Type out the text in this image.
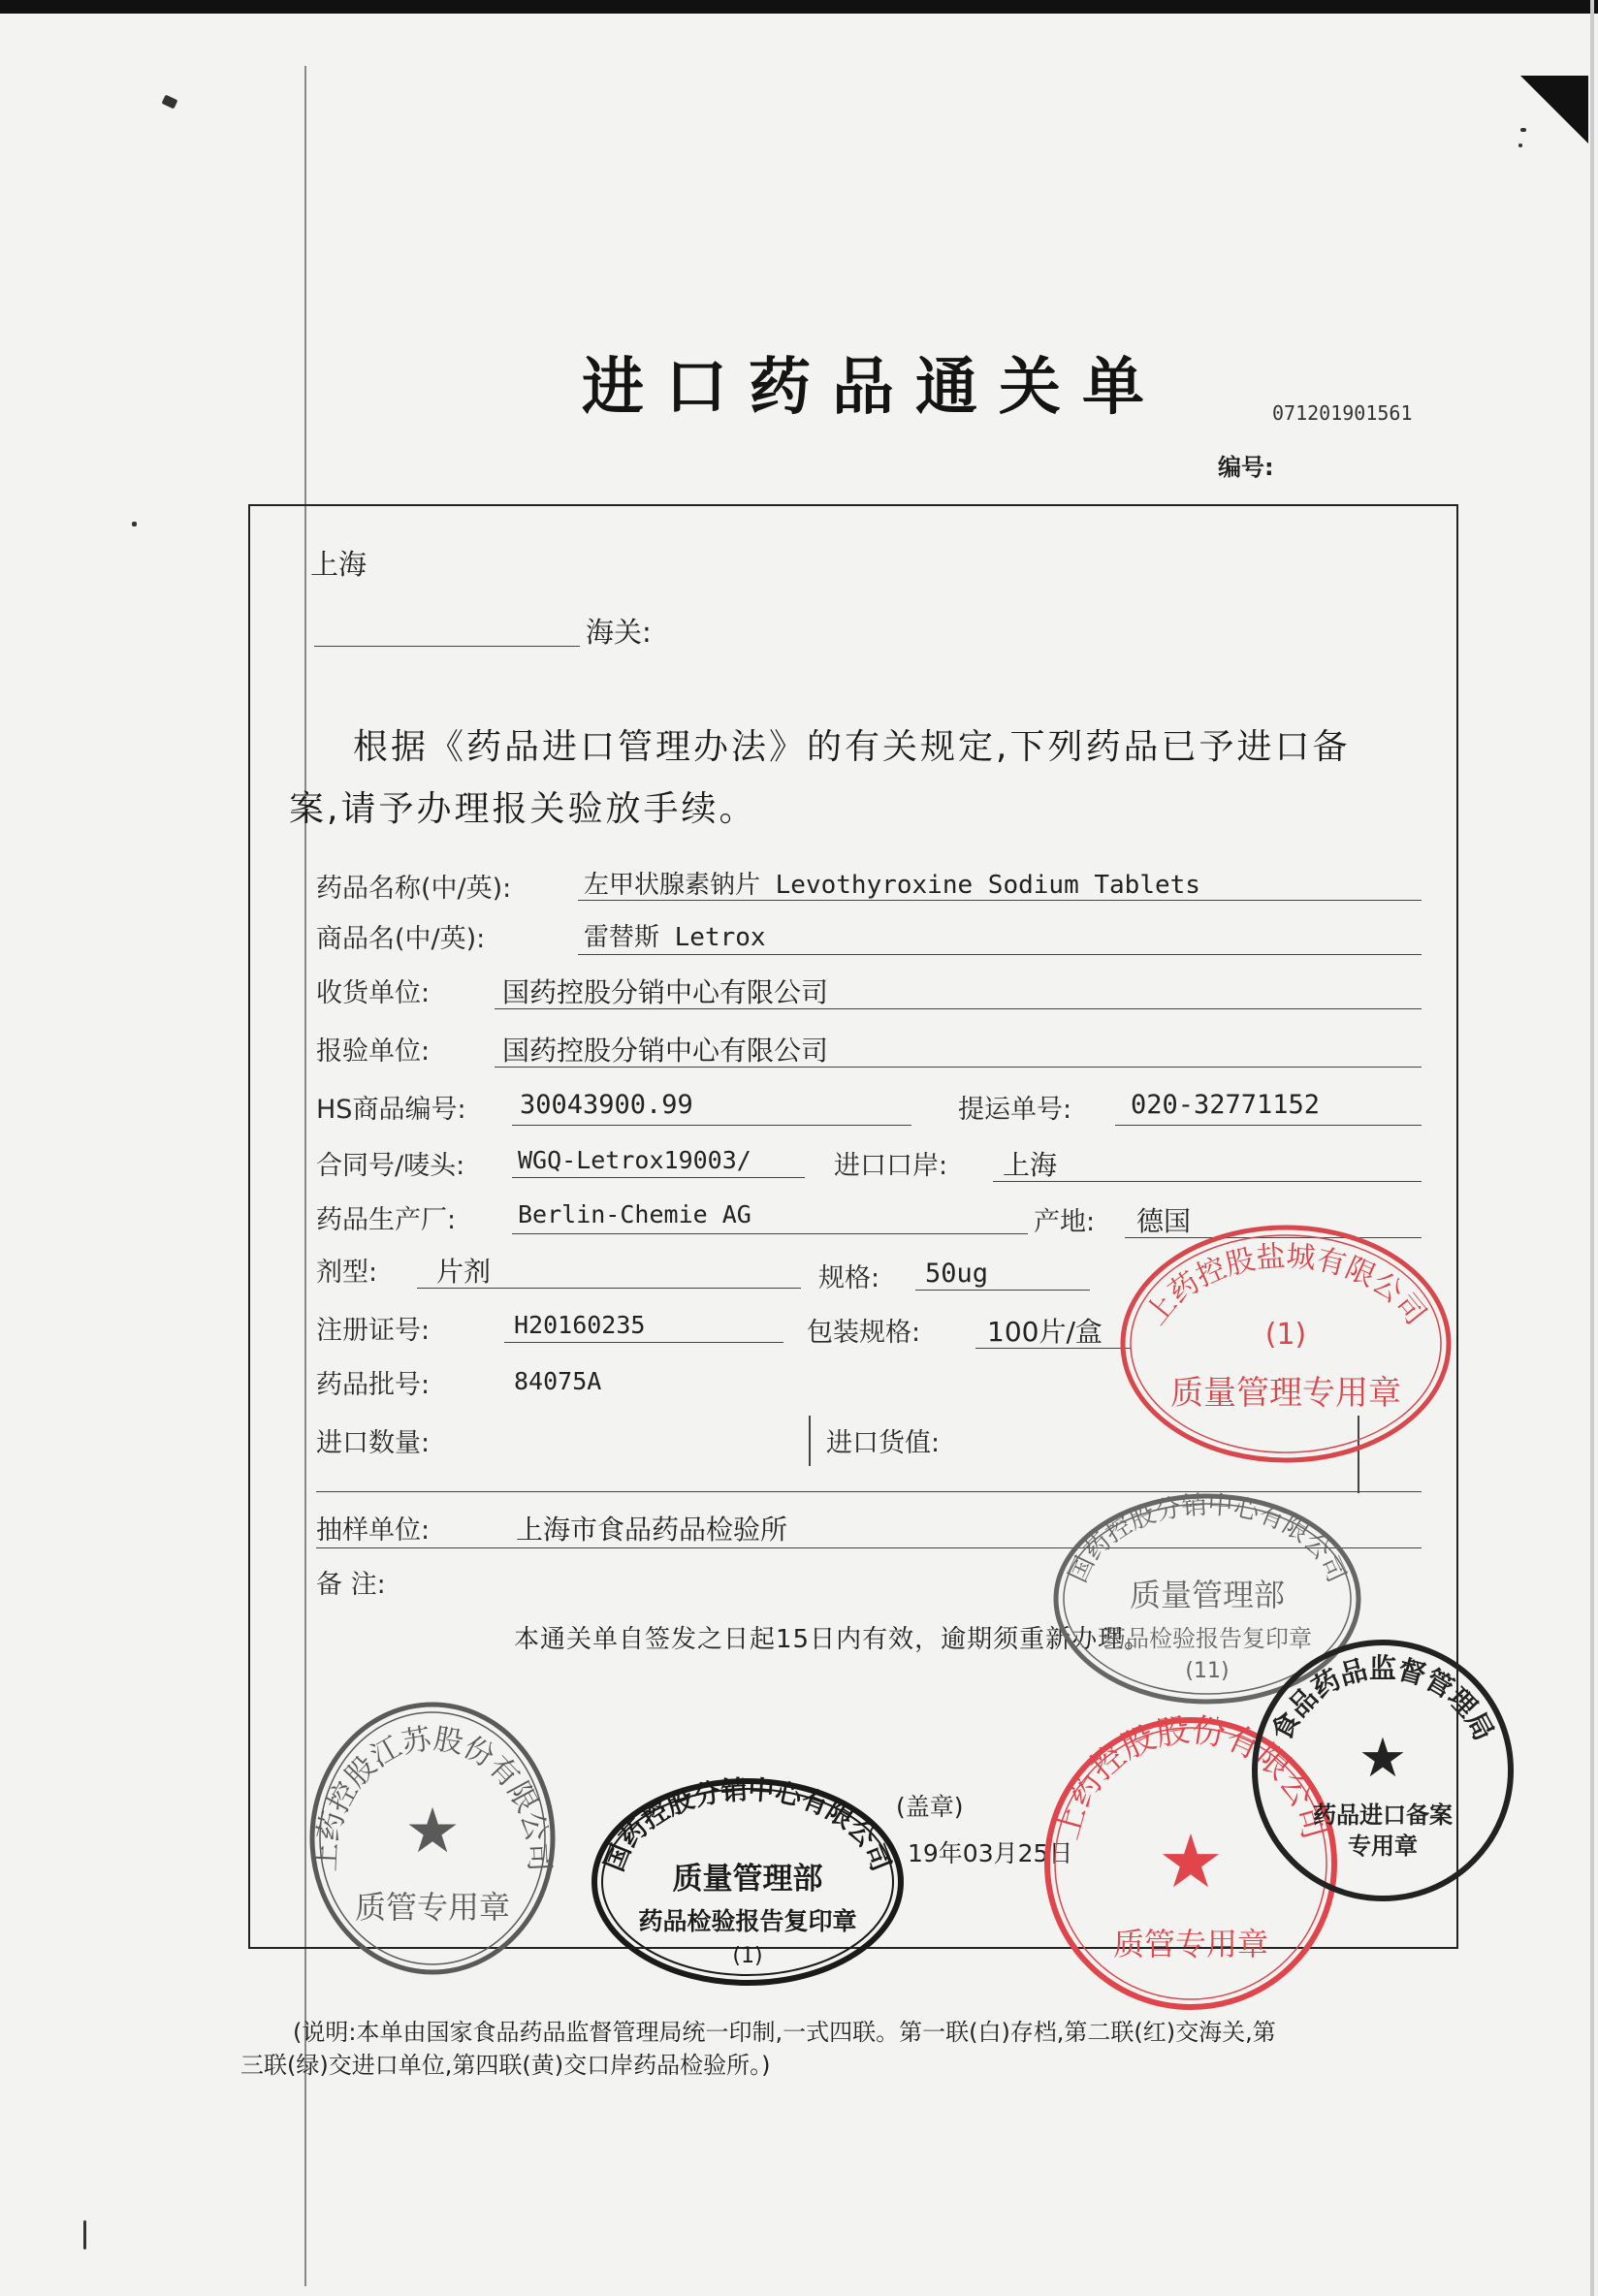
进口药品通关单	071201901561
编号:
上海
海关:
根据《药品进口管理办法》的有关规定,下列药品已予进口备
案,请予办理报关验放手续。
药品名称(中/英):	左甲状腺素钠片 Levothyroxine Sodium Tablets
商品名(中/英):	雷替斯 Letrox
收货单位:	国药控股分销中心有限公司
报验单位:	国药控股分销中心有限公司
HS商品编号: 30043900.99	提运单号: 020-32771152
合同号/唛头: WGQ-Letrox19003/	进口口岸: 上海
药品生产厂:	Berlin-Chemie AG	产地: 德国
剂型: 片剂	规格: 50ug
注册证号:	H20160235	包装规格: 100片/盒
药品批号:	84075A
进口数量:	进口货值:
抽样单位:	上海市食品药品检验所
备 注:
本通关单自签发之日起15日内有效，逾期须重新办理。
(盖章)
19年03月25日
(说明:本单由国家食品药品监督管理局统一印制,一式四联。第一联(白)存档,第二联(红)交海关,第
三联(绿)交进口单位,第四联(黄)交口岸药品检验所。)
上药控股盐城有限公司
(1)
质量管理专用章
国药控股分销中心有限公司
质量管理部
药品检验报告复印章
(11)
上药控股江苏股份有限公司
★
质管专用章
国药控股分销中心有限公司
质量管理部
药品检验报告复印章
(1)
上药控股股份有限公司
★
质管专用章
食品药品监督管理局
★
药品进口备案
专用章
